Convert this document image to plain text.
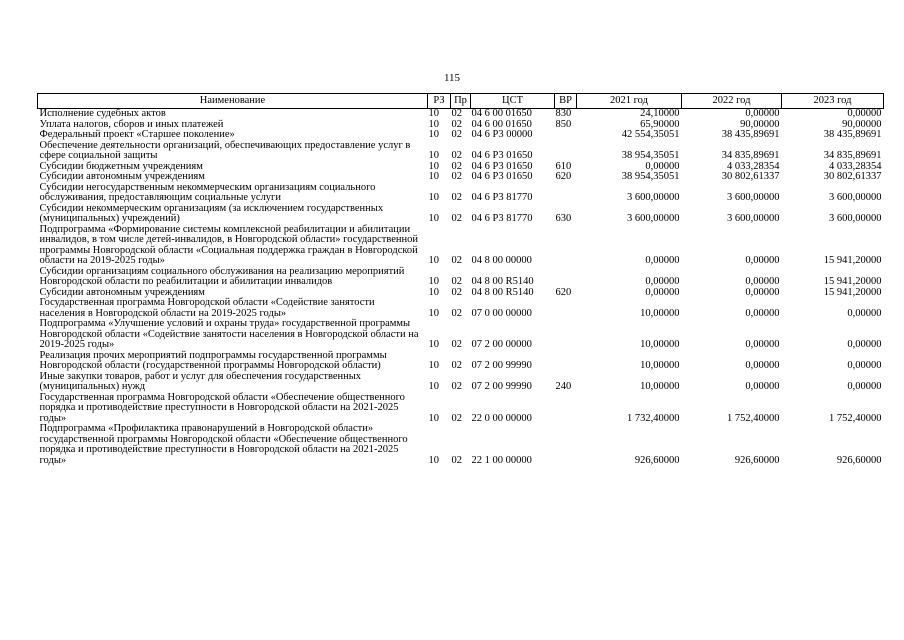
115
Наименование	РЗ	Пр	ЦСТ	ВР	2021 год	2022 год	2023 год
Исполнение судебных актов	10	02	04 6 00 01650	830	24,10000	0,00000	0,00000
Уплата налогов, сборов и иных платежей	10	02	04 6 00 01650	850	65,90000	90,00000	90,00000
Федеральный проект «Старшее поколение»	10	02	04 6 P3 00000		42 554,35051	38 435,89691	38 435,89691
Обеспечение деятельности организаций, обеспечивающих предоставление услуг в сфере социальной защиты	10	02	04 6 P3 01650		38 954,35051	34 835,89691	34 835,89691
Субсидии бюджетным учреждениям	10	02	04 6 P3 01650	610	0,00000	4 033,28354	4 033,28354
Субсидии автономным учреждениям	10	02	04 6 P3 01650	620	38 954,35051	30 802,61337	30 802,61337
Субсидии негосударственным некоммерческим организациям социального обслуживания, предоставляющим социальные услуги	10	02	04 6 P3 81770		3 600,00000	3 600,00000	3 600,00000
Субсидии некоммерческим организациям (за исключением государственных (муниципальных) учреждений)	10	02	04 6 P3 81770	630	3 600,00000	3 600,00000	3 600,00000
Подпрограмма «Формирование системы комплексной реабилитации и абилитации инвалидов, в том числе детей-инвалидов, в Новгородской области» государственной программы Новгородской области «Социальная поддержка граждан в Новгородской области на 2019-2025 годы»	10	02	04 8 00 00000		0,00000	0,00000	15 941,20000
Субсидии организациям социального обслуживания на реализацию мероприятий Новгородской области по реабилитации и абилитации инвалидов	10	02	04 8 00 R5140		0,00000	0,00000	15 941,20000
Субсидии автономным учреждениям	10	02	04 8 00 R5140	620	0,00000	0,00000	15 941,20000
Государственная программа Новгородской области «Содействие занятости населения в Новгородской области на 2019-2025 годы»	10	02	07 0 00 00000		10,00000	0,00000	0,00000
Подпрограмма «Улучшение условий и охраны труда» государственной программы Новгородской области «Содействие занятости населения в Новгородской области на 2019-2025 годы»	10	02	07 2 00 00000		10,00000	0,00000	0,00000
Реализация прочих мероприятий подпрограммы государственной программы Новгородской области (государственной программы Новгородской области)	10	02	07 2 00 99990		10,00000	0,00000	0,00000
Иные закупки товаров, работ и услуг для обеспечения государственных (муниципальных) нужд	10	02	07 2 00 99990	240	10,00000	0,00000	0,00000
Государственная программа Новгородской области «Обеспечение общественного порядка и противодействие преступности в Новгородской области на 2021-2025 годы»	10	02	22 0 00 00000		1 732,40000	1 752,40000	1 752,40000
Подпрограмма «Профилактика правонарушений в Новгородской области» государственной программы Новгородской области «Обеспечение общественного порядка и противодействие преступности в Новгородской области на 2021-2025 годы»	10	02	22 1 00 00000		926,60000	926,60000	926,60000
